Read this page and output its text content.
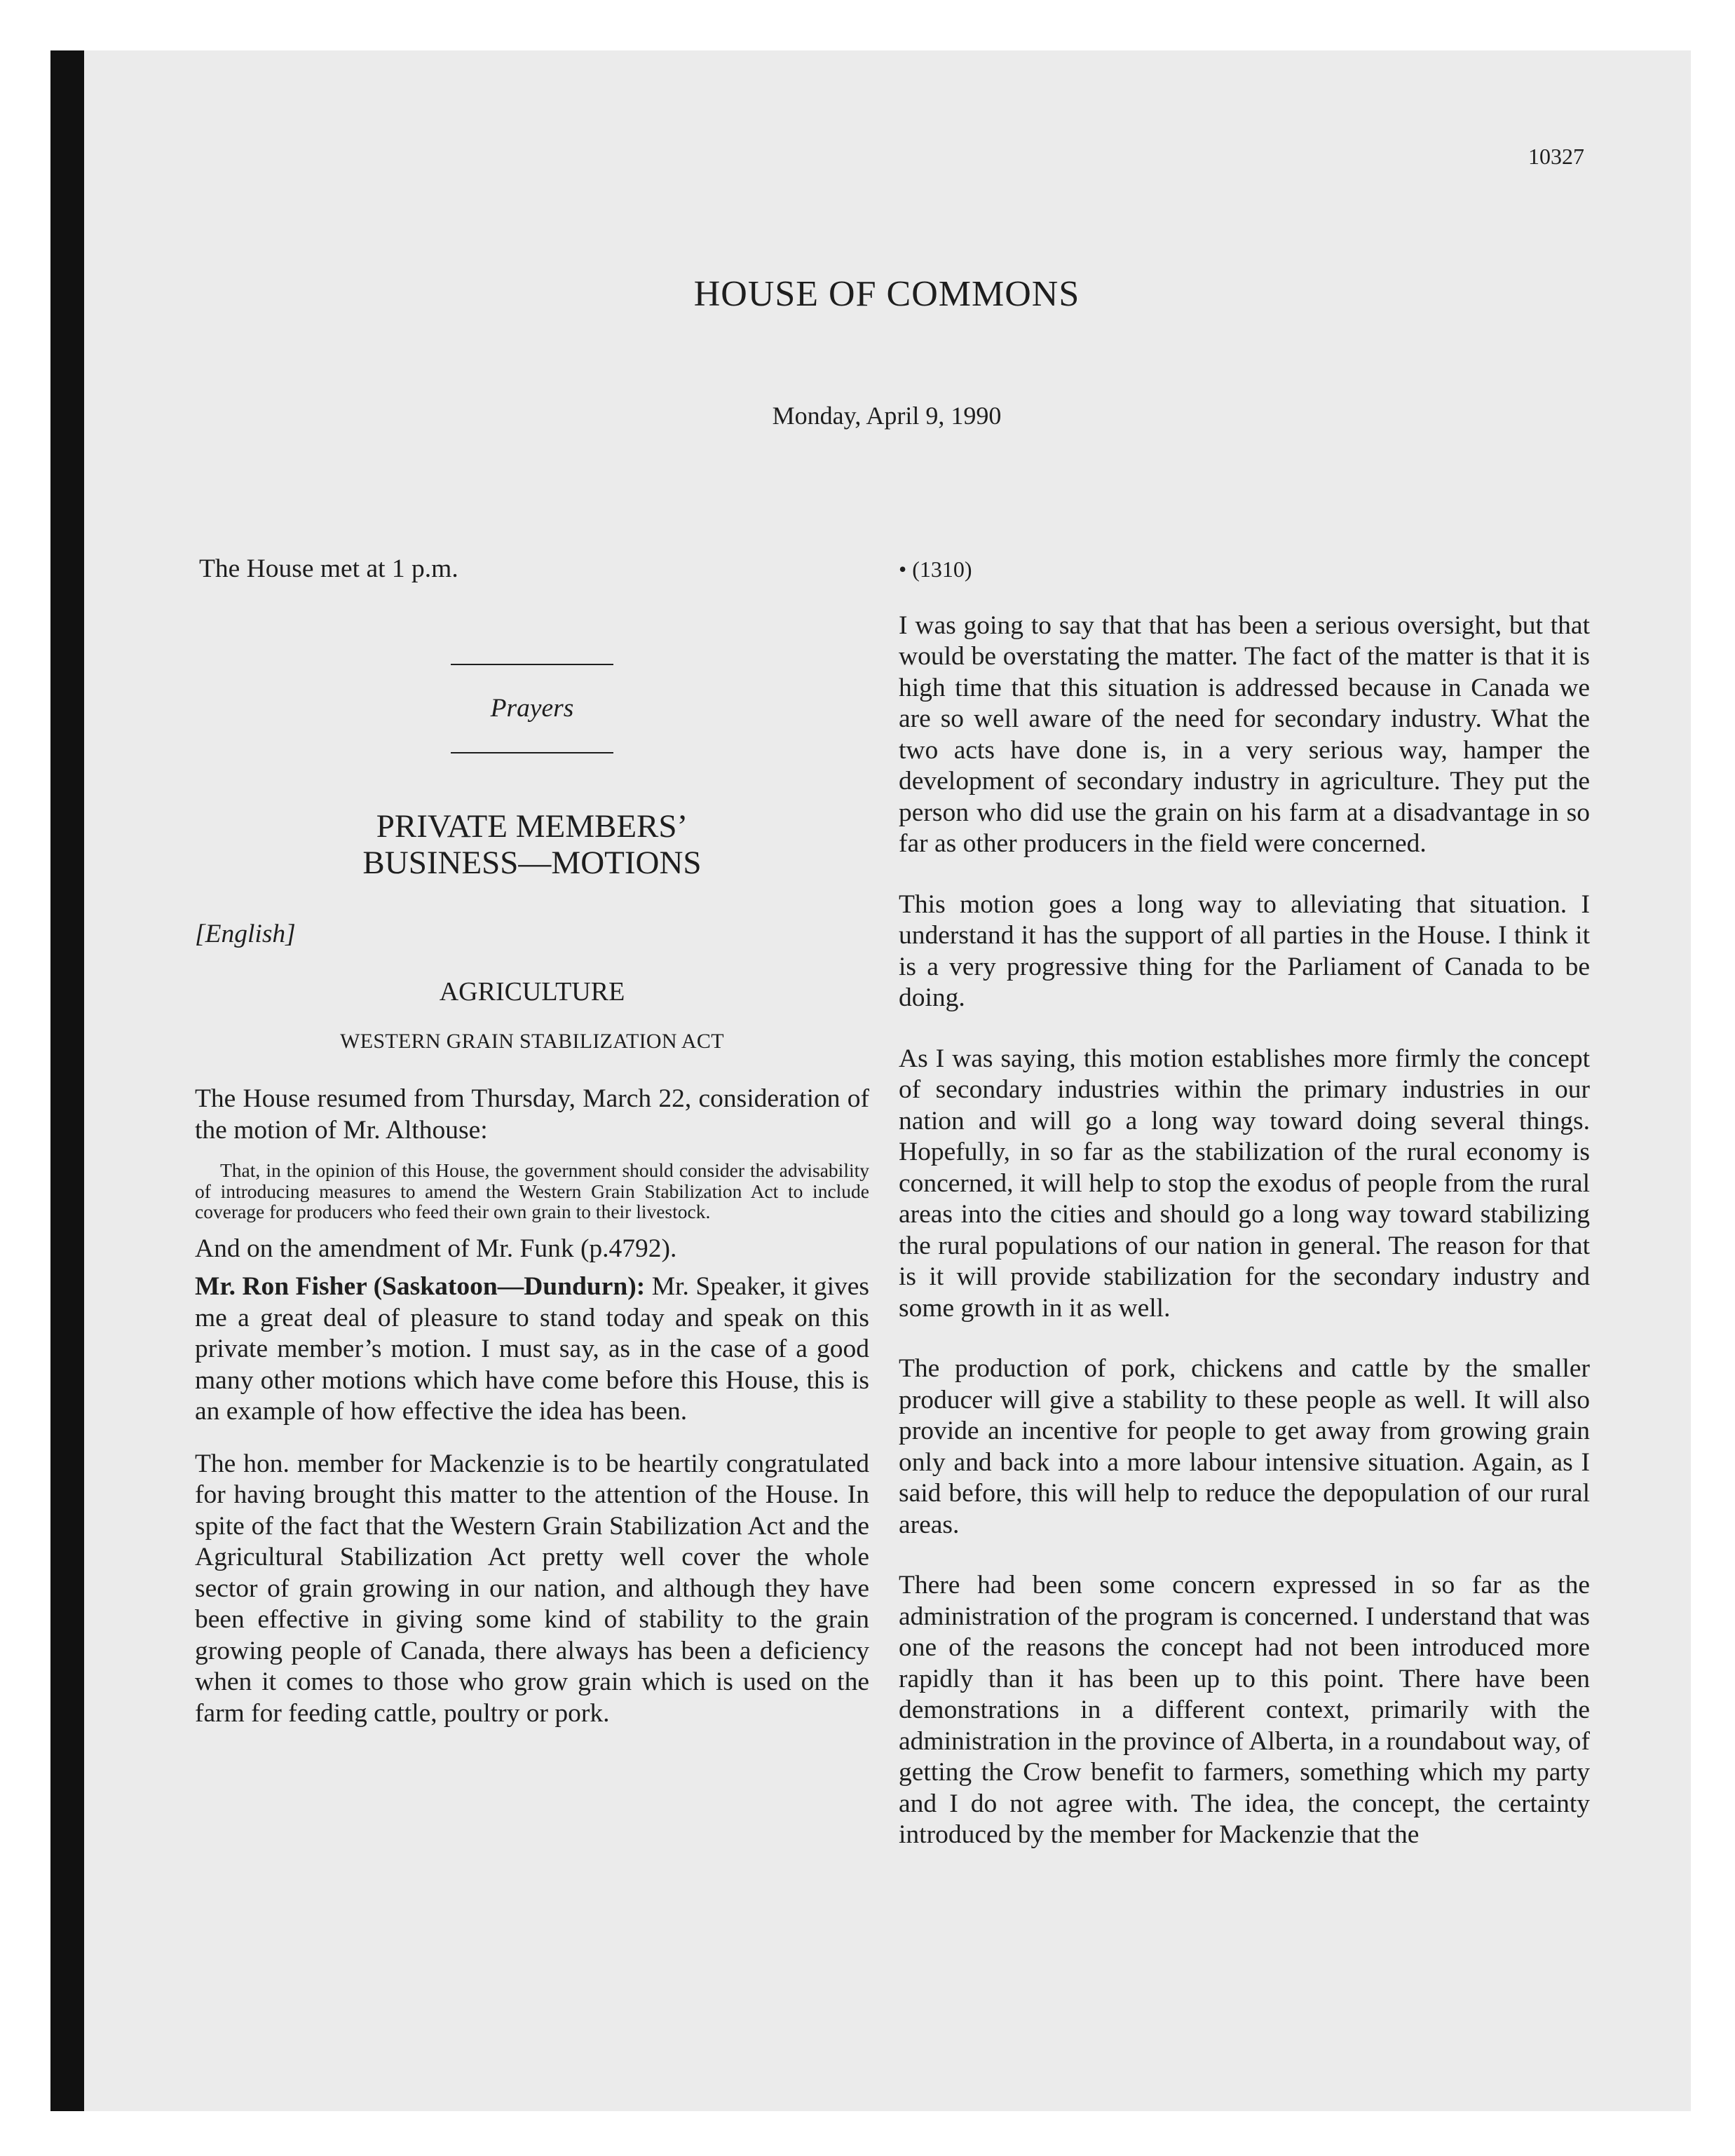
10327
HOUSE OF COMMONS
Monday, April 9, 1990

The House met at 1 p.m.

Prayers

PRIVATE MEMBERS’
BUSINESS—MOTIONS

[English]

AGRICULTURE

WESTERN GRAIN STABILIZATION ACT

The House resumed from Thursday, March 22, consideration of the motion of Mr. Althouse:

That, in the opinion of this House, the government should consider the advisability of introducing measures to amend the Western Grain Stabilization Act to include coverage for producers who feed their own grain to their livestock.

And on the amendment of Mr. Funk (p.4792).

Mr. Ron Fisher (Saskatoon—Dundurn): Mr. Speaker, it gives me a great deal of pleasure to stand today and speak on this private member’s motion. I must say, as in the case of a good many other motions which have come before this House, this is an example of how effective the idea has been.

The hon. member for Mackenzie is to be heartily congratulated for having brought this matter to the attention of the House. In spite of the fact that the Western Grain Stabilization Act and the Agricultural Stabilization Act pretty well cover the whole sector of grain growing in our nation, and although they have been effective in giving some kind of stability to the grain growing people of Canada, there always has been a deficiency when it comes to those who grow grain which is used on the farm for feeding cattle, poultry or pork.

• (1310)

I was going to say that that has been a serious oversight, but that would be overstating the matter. The fact of the matter is that it is high time that this situation is addressed because in Canada we are so well aware of the need for secondary industry. What the two acts have done is, in a very serious way, hamper the development of secondary industry in agriculture. They put the person who did use the grain on his farm at a disadvantage in so far as other producers in the field were concerned.

This motion goes a long way to alleviating that situation. I understand it has the support of all parties in the House. I think it is a very progressive thing for the Parliament of Canada to be doing.

As I was saying, this motion establishes more firmly the concept of secondary industries within the primary industries in our nation and will go a long way toward doing several things. Hopefully, in so far as the stabilization of the rural economy is concerned, it will help to stop the exodus of people from the rural areas into the cities and should go a long way toward stabilizing the rural populations of our nation in general. The reason for that is it will provide stabilization for the secondary industry and some growth in it as well.

The production of pork, chickens and cattle by the smaller producer will give a stability to these people as well. It will also provide an incentive for people to get away from growing grain only and back into a more labour intensive situation. Again, as I said before, this will help to reduce the depopulation of our rural areas.

There had been some concern expressed in so far as the administration of the program is concerned. I understand that was one of the reasons the concept had not been introduced more rapidly than it has been up to this point. There have been demonstrations in a different context, primarily with the administration in the province of Alberta, in a roundabout way, of getting the Crow benefit to farmers, something which my party and I do not agree with. The idea, the concept, the certainty introduced by the member for Mackenzie that the
